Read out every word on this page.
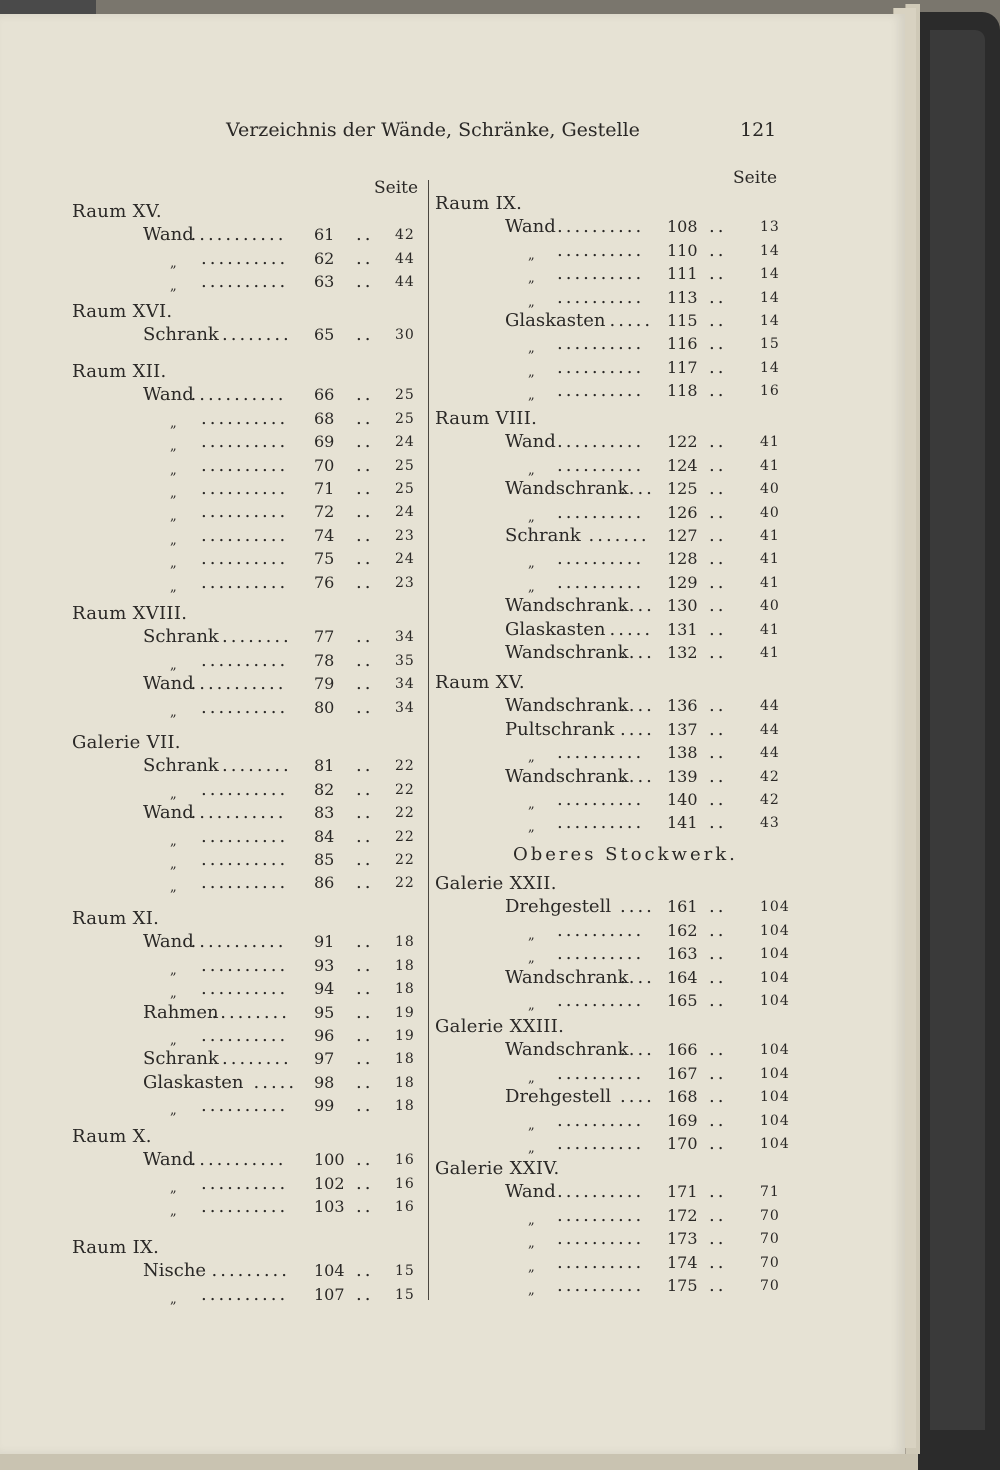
Verzeichnis der Wände, Schränke, Gestelle	121
Seite	Seite
Raum XV.
Wand
........... 61 .. 42
„ .......... 62 .. 44
„ .......... 63 .. 44
Raum XVI.
Schrank ........ 65 .. 30
Raum XII.
Wand
........... 66 .. 25
„ .......... 68 .. 25
„ .......... 69 .. 24
„ .......... 70 .. 25
„ .......... 71 .. 25
„ .......... 72 .. 24
„ .......... 74 .. 23
„ .......... 75 .. 24
„ .......... 76 .. 23
Raum XVIII.
Schrank ........ 77 .. 34
„ .......... 78 .. 35
Wand
........... 79 .. 34
„ .......... 80 .. 34
Galerie VII.
Schrank ........ 81 .. 22
„ .......... 82 .. 22
Wand
........... 83 .. 22
„ .......... 84 .. 22
„ .......... 85 .. 22
„ .......... 86 .. 22
Raum XI.
Wand
........... 91 .. 18
„ .......... 93 .. 18
„ .......... 94 .. 18
Rahmen
......... 95 .. 19
„ .......... 96 .. 19
Schrank ........ 97 .. 18
Glaskasten ..... 98 .. 18
„ .......... 99 .. 18
Raum X.
Wand
........... 100 .. 16
„ .......... 102 .. 16
„ .......... 103 .. 16
Raum IX.
Nische ......... 104 .. 15
„ .......... 107 .. 15
Raum IX.
Wand .......... 108 .. 13
„ .......... 110 .. 14
„ .......... 111 .. 14
„ .......... 113 .. 14
Glaskasten ..... 115 .. 14
„ .......... 116 .. 15
„ .......... 117 .. 14
„ .......... 118 .. 16
Raum VIII.
Wand .......... 122 .. 41
„ .......... 124 .. 41
Wandschrank
.... 125 .. 40
„ .......... 126 .. 40
Schrank ....... 127 .. 41
„ .......... 128 .. 41
„ .......... 129 .. 41
Wandschrank
.... 130 .. 40
Glaskasten ..... 131 .. 41
Wandschrank
.... 132 .. 41
Raum XV.
Wandschrank
.... 136 .. 44
Pultschrank .... 137 .. 44
„ .......... 138 .. 44
Wandschrank
.... 139 .. 42
„ .......... 140 .. 42
„ .......... 141 .. 43
Oberes Stockwerk.
Galerie XXII.
Drehgestell .... 161 .. 104
„ .......... 162 .. 104
„ .......... 163 .. 104
Wandschrank
.... 164 .. 104
„ .......... 165 .. 104
Galerie XXIII.
Wandschrank
.... 166 .. 104
„ .......... 167 .. 104
Drehgestell .... 168 .. 104
„ .......... 169 .. 104
„ .......... 170 .. 104
Galerie XXIV.
Wand .......... 171 .. 71
„ .......... 172 .. 70
„ .......... 173 .. 70
„ .......... 174 .. 70
„ .......... 175 .. 70
